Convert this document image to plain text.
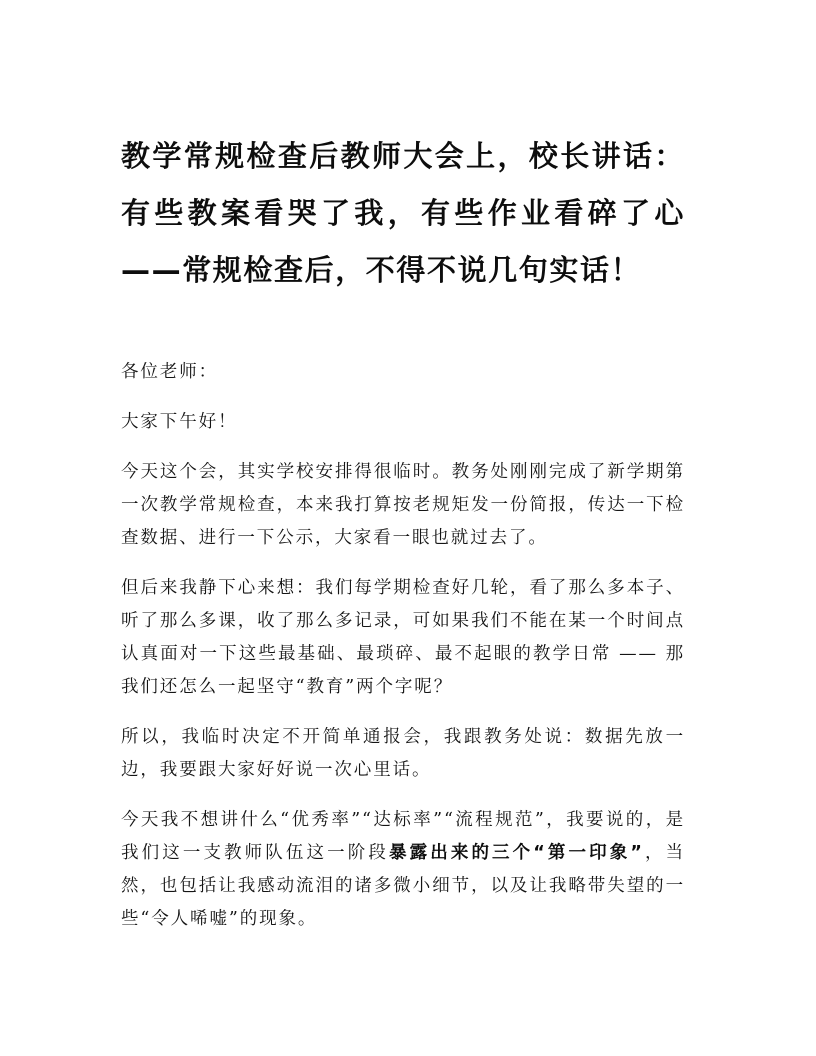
教学常规检查后教师大会上，校长讲话：有些教案看哭了我，有些作业看碎了心——常规检查后，不得不说几句实话！

各位老师：

大家下午好！

今天这个会，其实学校安排得很临时。教务处刚刚完成了新学期第一次教学常规检查，本来我打算按老规矩发一份简报，传达一下检查数据、进行一下公示，大家看一眼也就过去了。

但后来我静下心来想：我们每学期检查好几轮，看了那么多本子、听了那么多课，收了那么多记录，可如果我们不能在某一个时间点认真面对一下这些最基础、最琐碎、最不起眼的教学日常 —— 那我们还怎么一起坚守“教育”两个字呢？

所以，我临时决定不开简单通报会，我跟教务处说：数据先放一边，我要跟大家好好说一次心里话。

今天我不想讲什么“优秀率”“达标率”“流程规范”，我要说的，是我们这一支教师队伍这一阶段暴露出来的三个“第一印象”，当然，也包括让我感动流泪的诸多微小细节，以及让我略带失望的一些“令人唏嘘”的现象。
